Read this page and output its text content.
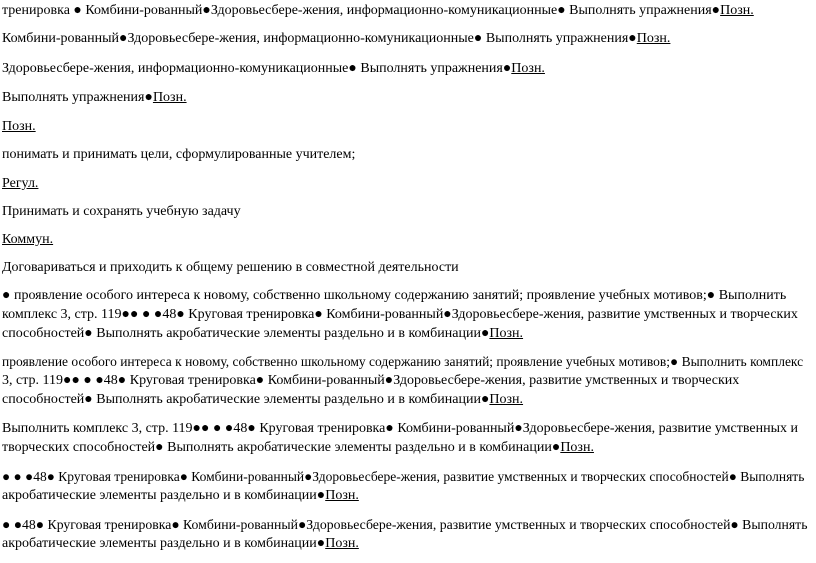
тренировка ● Комбини-рованный●Здоровьесбере-жения, информационно-комуникационные● Выполнять упражнения●Позн.

Комбини-рованный●Здоровьесбере-жения, информационно-комуникационные● Выполнять упражнения●Позн.

Здоровьесбере-жения, информационно-комуникационные● Выполнять упражнения●Позн.

Выполнять упражнения●Позн.

Позн.

понимать и принимать цели, сформулированные учителем;

Регул.

Принимать и сохранять учебную задачу

Коммун.

Договариваться и приходить к общему решению в совместной деятельности

● проявление особого интереса к новому, собственно школьному содержанию занятий; проявление учебных мотивов;● Выполнить

комплекс 3, стр. 119●● ● ●48● Круговая тренировка● Комбини-рованный●Здоровьесбере-жения, развитие умственных и творческих

способностей● Выполнять акробатические элементы раздельно и в комбинации●Позн.

проявление особого интереса к новому, собственно школьному содержанию занятий; проявление учебных мотивов;● Выполнить комплекс

3, стр. 119●● ● ●48● Круговая тренировка● Комбини-рованный●Здоровьесбере-жения, развитие умственных и творческих

способностей● Выполнять акробатические элементы раздельно и в комбинации●Позн.

Выполнить комплекс 3, стр. 119●● ● ●48● Круговая тренировка● Комбини-рованный●Здоровьесбере-жения, развитие умственных и

творческих способностей● Выполнять акробатические элементы раздельно и в комбинации●Позн.

● ● ●48● Круговая тренировка● Комбини-рованный●Здоровьесбере-жения, развитие умственных и творческих способностей● Выполнять

акробатические элементы раздельно и в комбинации●Позн.

● ●48● Круговая тренировка● Комбини-рованный●Здоровьесбере-жения, развитие умственных и творческих способностей● Выполнять

акробатические элементы раздельно и в комбинации●Позн.
